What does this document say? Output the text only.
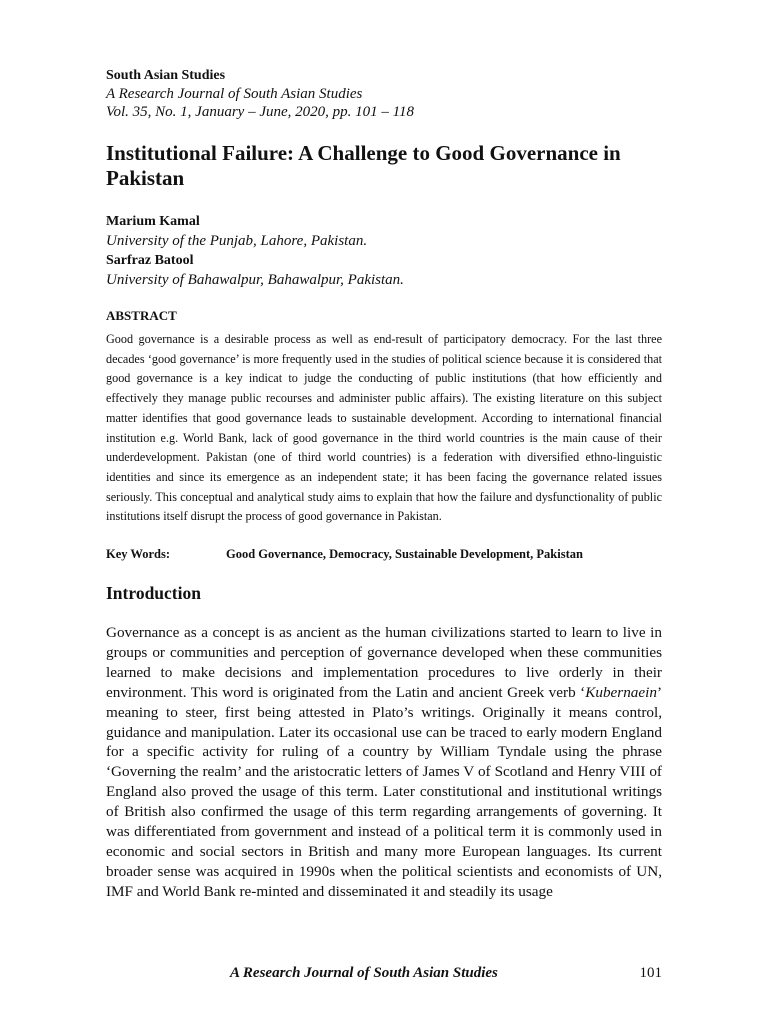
South Asian Studies

A Research Journal of South Asian Studies

Vol. 35, No. 1, January – June, 2020, pp. 101 – 118

Institutional Failure: A Challenge to Good Governance in Pakistan

Marium Kamal

University of the Punjab, Lahore, Pakistan.

Sarfraz Batool

University of Bahawalpur, Bahawalpur, Pakistan.

ABSTRACT

Good governance is a desirable process as well as end-result of participatory democracy. For the last three decades ‘good governance’ is more frequently used in the studies of political science because it is considered that good governance is a key indicat to judge the conducting of public institutions (that how efficiently and effectively they manage public recourses and administer public affairs). The existing literature on this subject matter identifies that good governance leads to sustainable development. According to international financial institution e.g. World Bank, lack of good governance in the third world countries is the main cause of their underdevelopment. Pakistan (one of third world countries) is a federation with diversified ethno-linguistic identities and since its emergence as an independent state; it has been facing the governance related issues seriously. This conceptual and analytical study aims to explain that how the failure and dysfunctionality of public institutions itself disrupt the process of good governance in Pakistan.

Key Words:	Good Governance, Democracy, Sustainable Development, Pakistan
Introduction

Governance as a concept is as ancient as the human civilizations started to learn to live in groups or communities and perception of governance developed when these communities learned to make decisions and implementation procedures to live orderly in their environment. This word is originated from the Latin and ancient Greek verb ‘Kubernaein’ meaning to steer, first being attested in Plato’s writings. Originally it means control, guidance and manipulation. Later its occasional use can be traced to early modern England for a specific activity for ruling of a country by William Tyndale using the phrase ‘Governing the realm’ and the aristocratic letters of James V of Scotland and Henry VIII of England also proved the usage of this term. Later constitutional and institutional writings of British also confirmed the usage of this term regarding arrangements of governing. It was differentiated from government and instead of a political term it is commonly used in economic and social sectors in British and many more European languages. Its current broader sense was acquired in 1990s when the political scientists and economists of UN, IMF and World Bank re-minted and disseminated it and steadily its usage

A Research Journal of South Asian Studies	101
